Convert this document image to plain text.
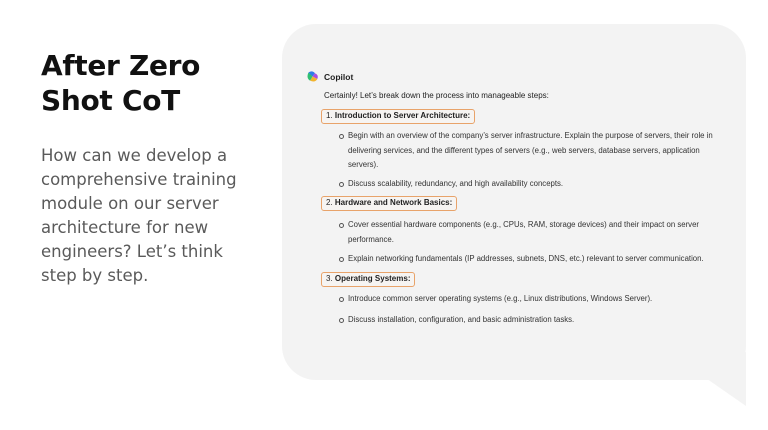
After Zero
Shot CoT
How can we develop a
comprehensive training
module on our server
architecture for new
engineers? Let’s think
step by step.
Copilot
Certainly! Let’s break down the process into manageable steps:
1. Introduction to Server Architecture:
Begin with an overview of the company’s server infrastructure. Explain the purpose of servers, their role in delivering services, and the different types of servers (e.g., web servers, database servers, application servers).
Discuss scalability, redundancy, and high availability concepts.
2. Hardware and Network Basics:
Cover essential hardware components (e.g., CPUs, RAM, storage devices) and their impact on server performance.
Explain networking fundamentals (IP addresses, subnets, DNS, etc.) relevant to server communication.
3. Operating Systems:
Introduce common server operating systems (e.g., Linux distributions, Windows Server).
Discuss installation, configuration, and basic administration tasks.
